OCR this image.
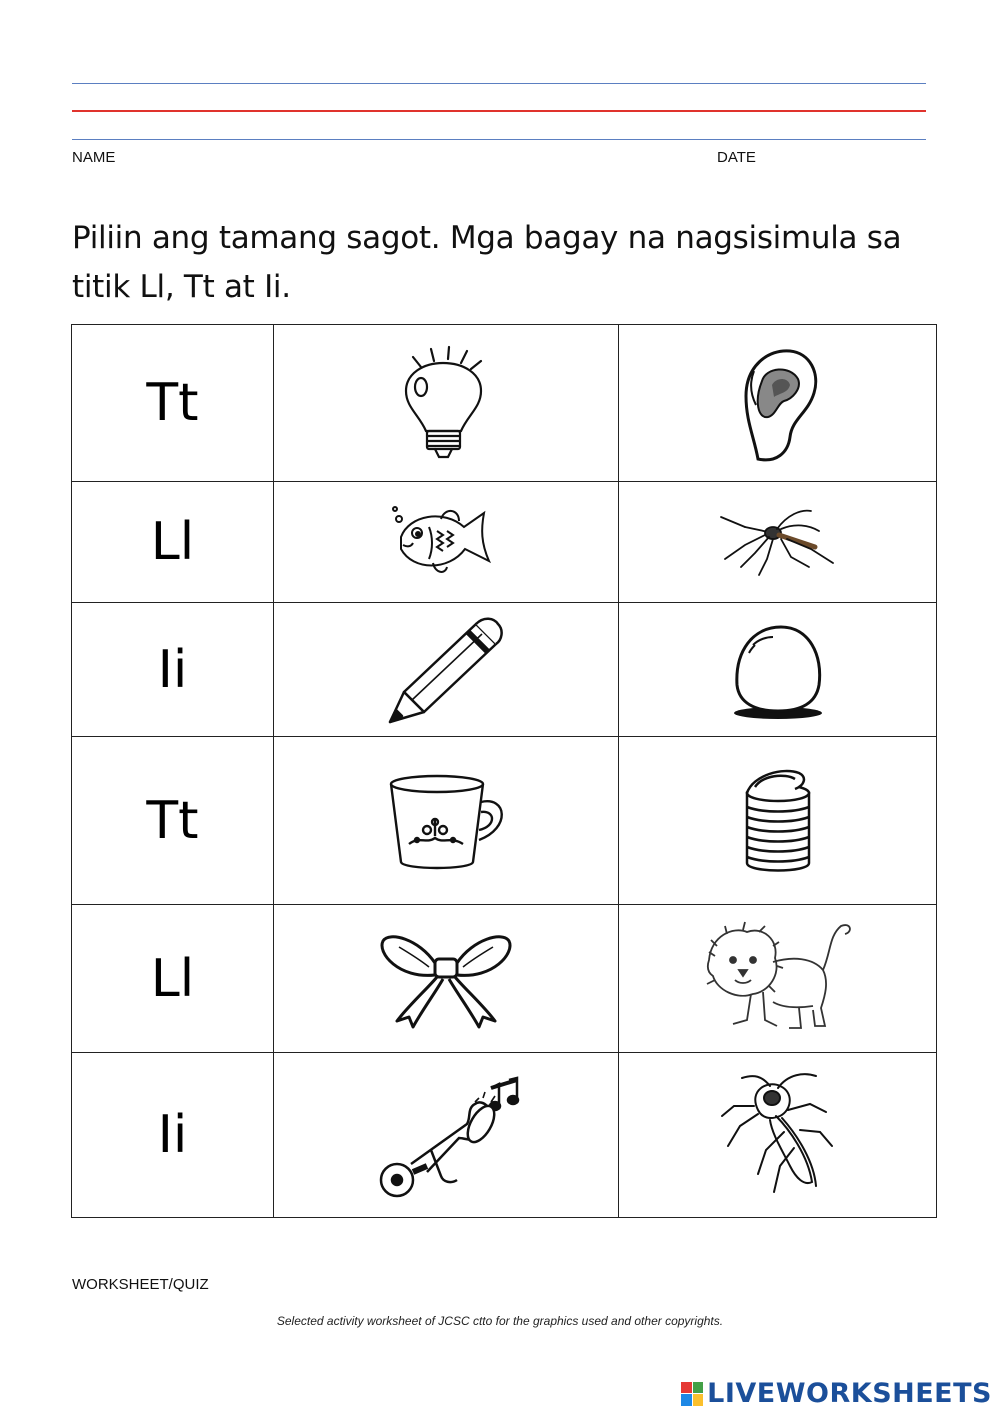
NAME	DATE
Piliin ang tamang sagot. Mga bagay na nagsisimula sa titik Ll, Tt at Ii.
Tt	

Ll	

Ii	

Tt	

Ll	

Ii	

WORKSHEET/QUIZ
Selected activity worksheet of JCSC ctto for the graphics used and other copyrights.
LIVEWORKSHEETS
